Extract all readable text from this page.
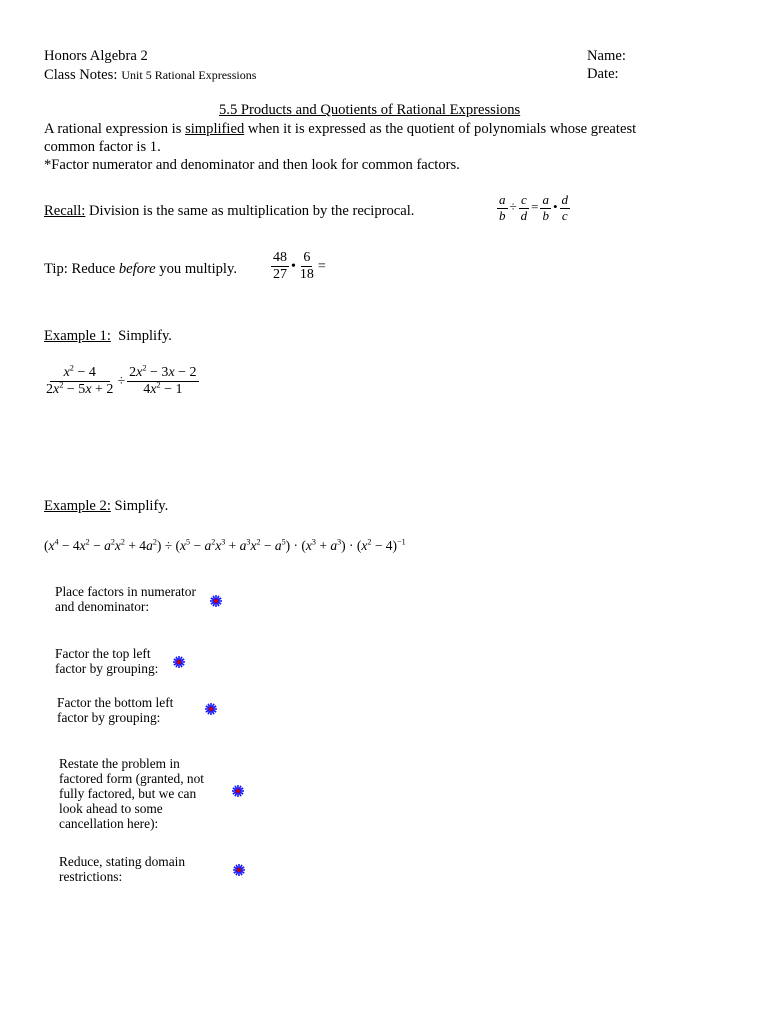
Honors Algebra 2
Class Notes: Unit 5 Rational Expressions
Name:
Date:
5.5 Products and Quotients of Rational Expressions
A rational expression is simplified when it is expressed as the quotient of polynomials whose greatest
common factor is 1.
*Factor numerator and denominator and then look for common factors.
Recall: Division is the same as multiplication by the reciprocal.	$\frac{a}{b} \div \frac{c}{d} = \frac{a}{b}$ • $\frac{d}{c}$
Tip: Reduce before you multiply. $\frac{48}{27}$ • $\frac{6}{18}$ =
Example 1:  Simplify.
$\frac{x^2 - 4}{2x^2 - 5x + 2} \div \frac{2x^2 - 3x - 2}{4x^2 - 1}$
Example 2: Simplify.
$(x^4 - 4x^2 - a^2x^2 + 4a^2) \div (x^5 - a^2x^3 + a^3x^2 - a^5) \cdot (x^3 + a^3) \cdot (x^2 - 4)^{-1}$
Place factors in numerator
and denominator:
Factor the top left
factor by grouping:
Factor the bottom left
factor by grouping:
Restate the problem in
factored form (granted, not
fully factored, but we can
look ahead to some
cancellation here):
Reduce, stating domain
restrictions:
